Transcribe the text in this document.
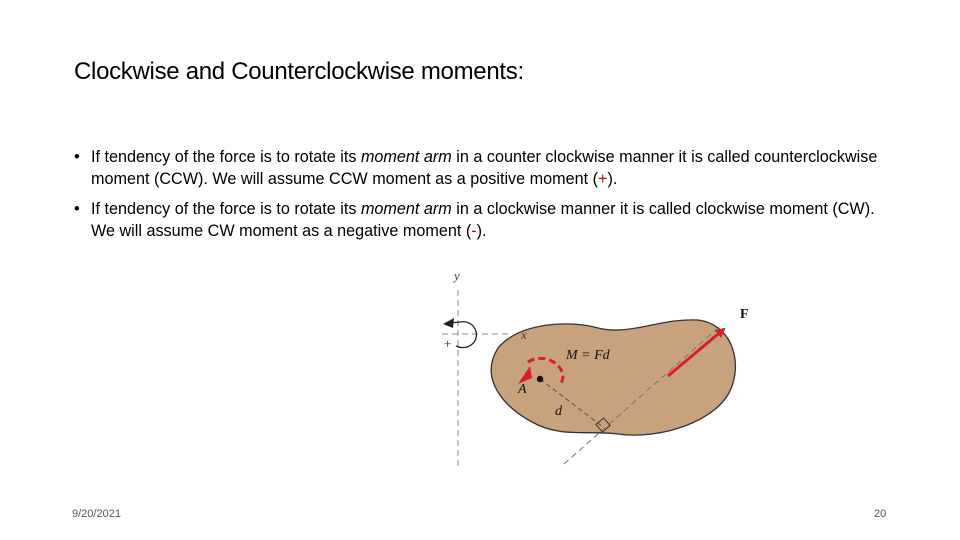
Clockwise and Counterclockwise moments:
• If tendency of the force is to rotate its moment arm in a counter clockwise manner it is called counterclockwise moment (CCW). We will assume CCW moment as a positive moment (+).
• If tendency of the force is to rotate its moment arm in a clockwise manner it is called clockwise moment (CW). We will assume CW moment as a negative moment (-).
y
x
+
A
d
M = Fd
F
9/20/2021	20
